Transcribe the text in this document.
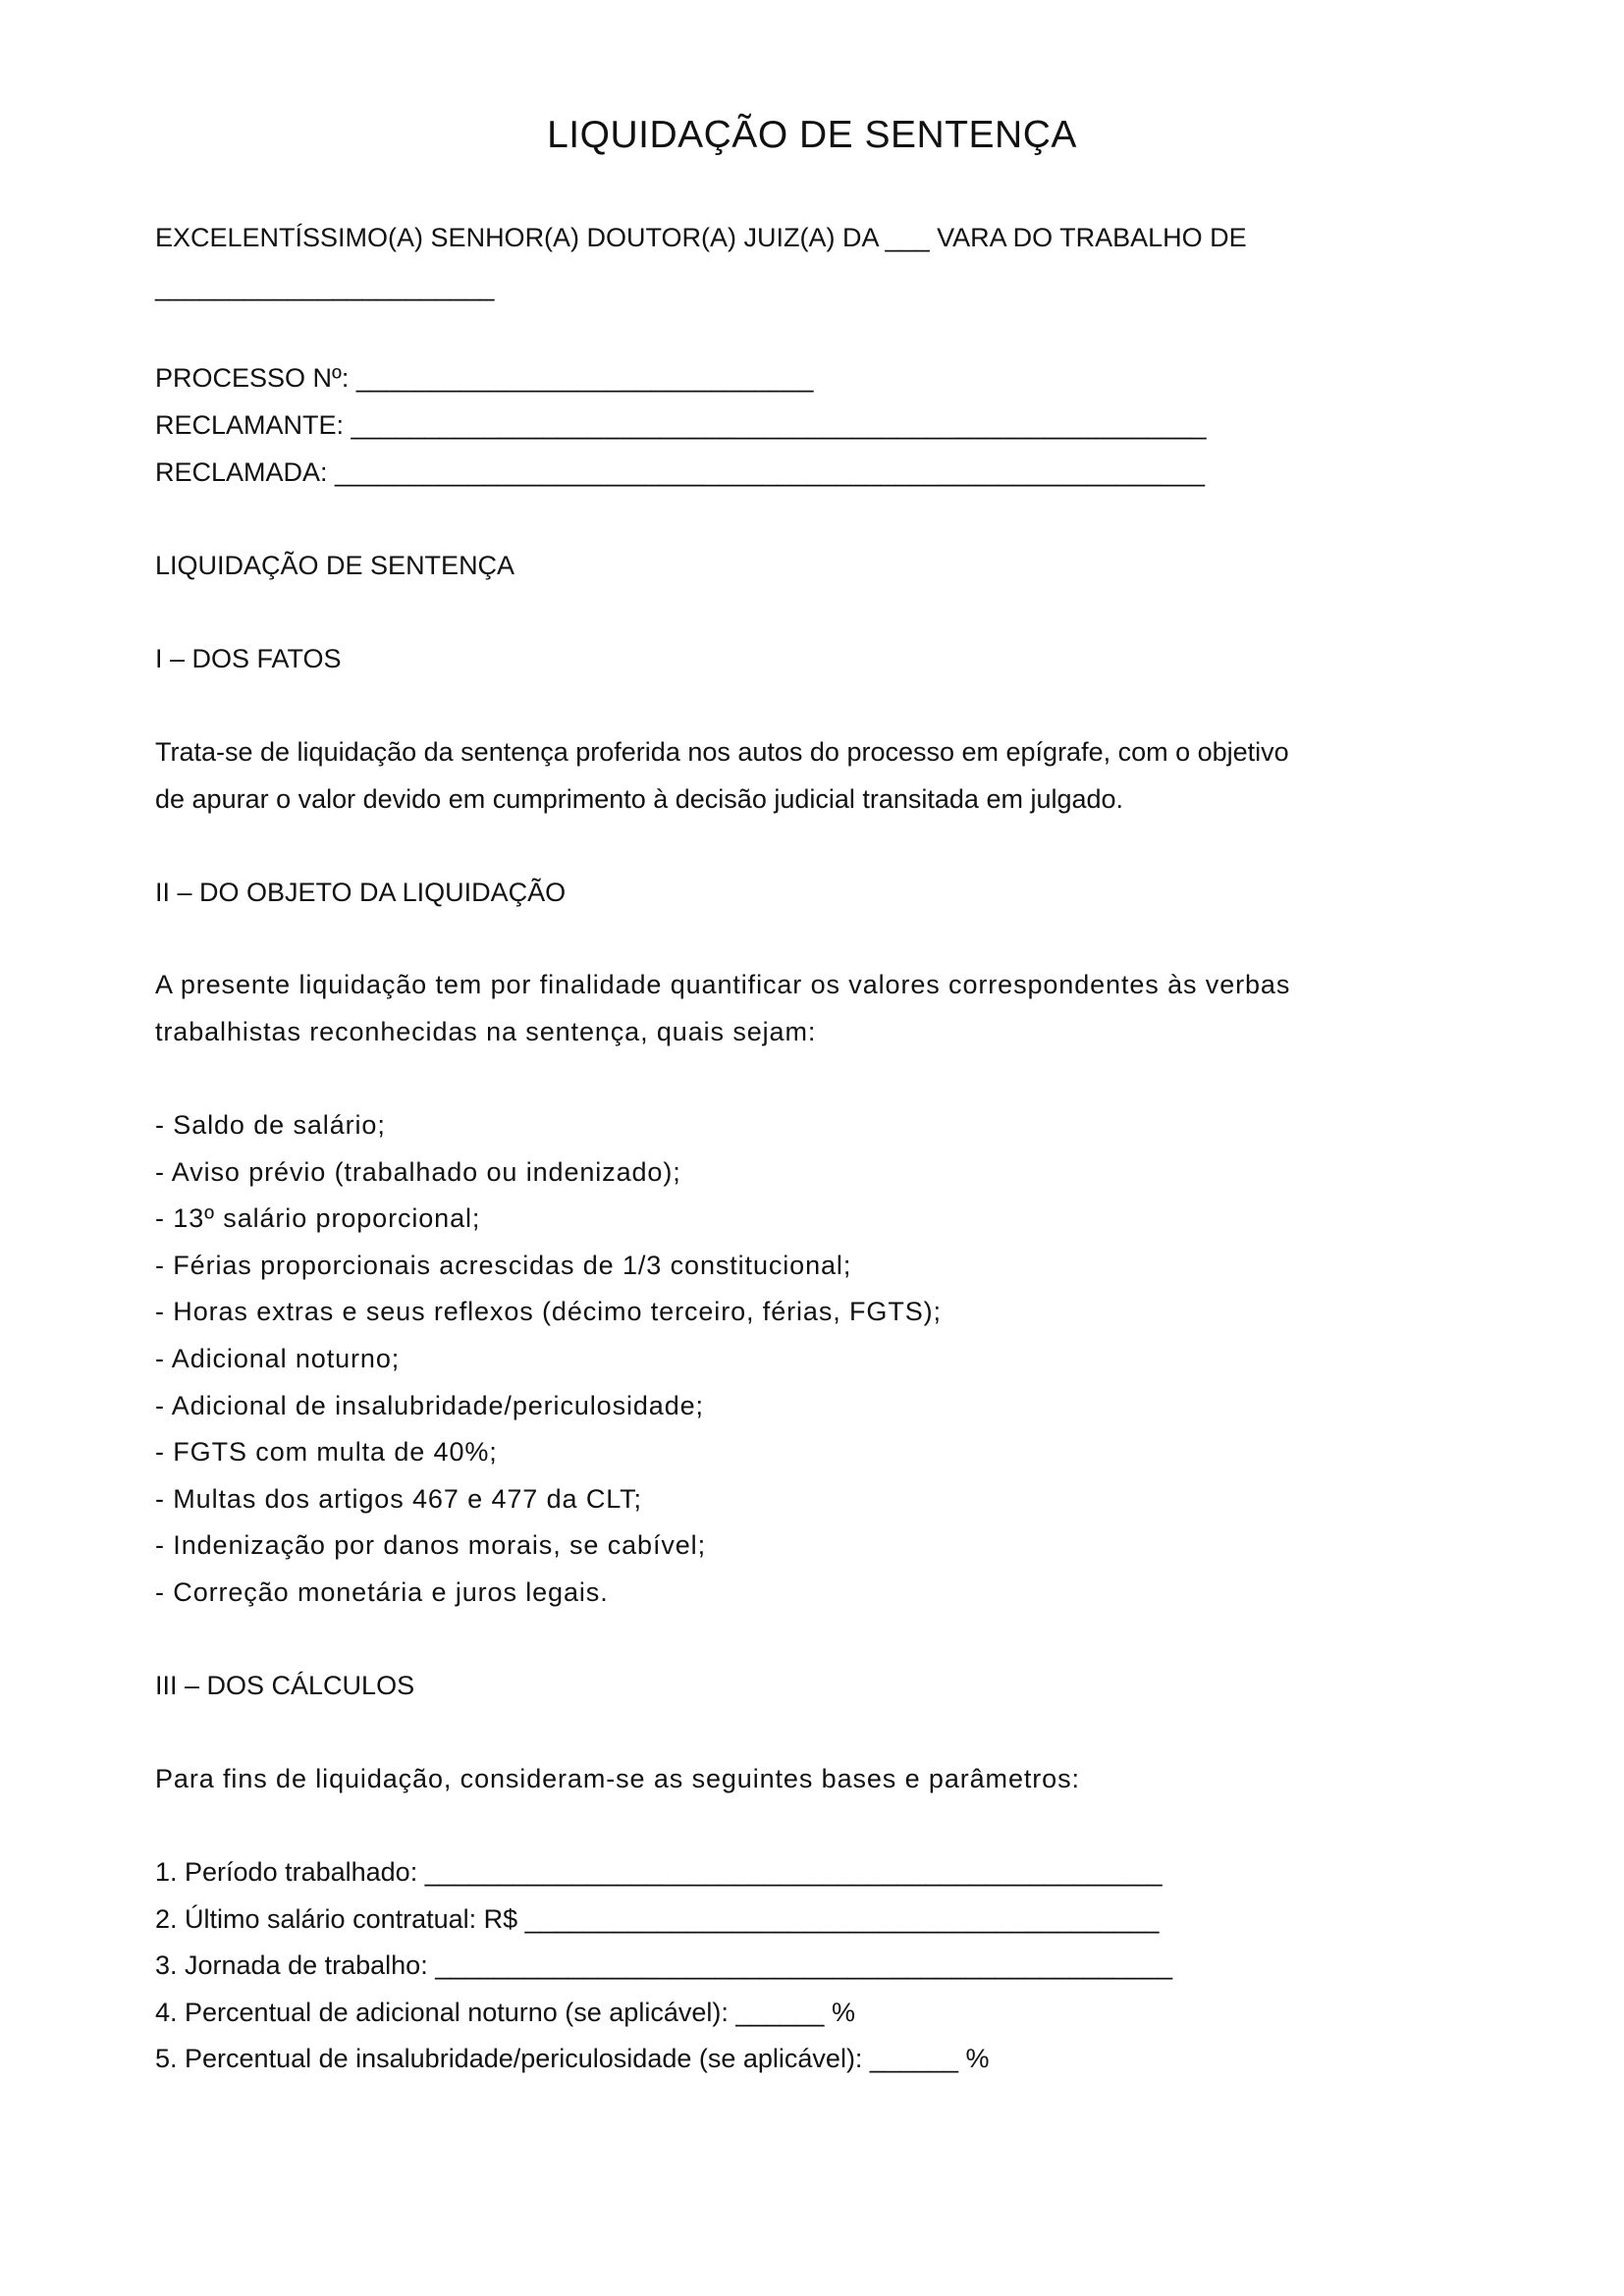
LIQUIDAÇÃO DE SENTENÇA
EXCELENTÍSSIMO(A) SENHOR(A) DOUTOR(A) JUIZ(A) DA ___ VARA DO TRABALHO DE
_______________________
PROCESSO Nº: _______________________________
RECLAMANTE: __________________________________________________________
RECLAMADA: ___________________________________________________________
LIQUIDAÇÃO DE SENTENÇA
I – DOS FATOS
Trata-se de liquidação da sentença proferida nos autos do processo em epígrafe, com o objetivo
de apurar o valor devido em cumprimento à decisão judicial transitada em julgado.
II – DO OBJETO DA LIQUIDAÇÃO
A presente liquidação tem por finalidade quantificar os valores correspondentes às verbas
trabalhistas reconhecidas na sentença, quais sejam:
- Saldo de salário;
- Aviso prévio (trabalhado ou indenizado);
- 13º salário proporcional;
- Férias proporcionais acrescidas de 1/3 constitucional;
- Horas extras e seus reflexos (décimo terceiro, férias, FGTS);
- Adicional noturno;
- Adicional de insalubridade/periculosidade;
- FGTS com multa de 40%;
- Multas dos artigos 467 e 477 da CLT;
- Indenização por danos morais, se cabível;
- Correção monetária e juros legais.
III – DOS CÁLCULOS
Para fins de liquidação, consideram-se as seguintes bases e parâmetros:
1. Período trabalhado: __________________________________________________
2. Último salário contratual: R$ ___________________________________________
3. Jornada de trabalho: __________________________________________________
4. Percentual de adicional noturno (se aplicável): ______ %
5. Percentual de insalubridade/periculosidade (se aplicável): ______ %
